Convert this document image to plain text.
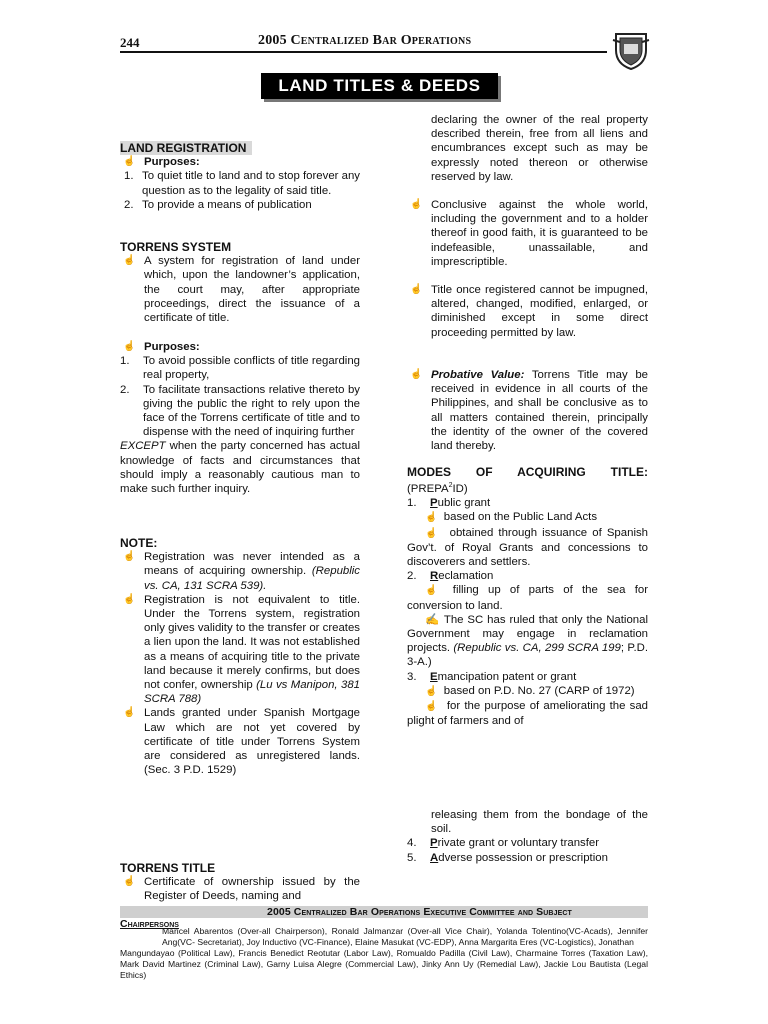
244	2005 Centralized Bar Operations
LAND TITLES & DEEDS
LAND REGISTRATION
☝ Purposes:
1. To quiet title to land and to stop forever any question as to the legality of said title.
2. To provide a means of publication
TORRENS SYSTEM
☝ A system for registration of land under which, upon the landowner’s application, the court may, after appropriate proceedings, direct the issuance of a certificate of title.
☝ Purposes:
1. To avoid possible conflicts of title regarding real property,
2. To facilitate transactions relative thereto by giving the public the right to rely upon the face of the Torrens certificate of title and to dispense with the need of inquiring further
EXCEPT when the party concerned has actual knowledge of facts and circumstances that should imply a reasonably cautious man to make such further inquiry.
NOTE:
☝ Registration was never intended as a means of acquiring ownership. (Republic vs. CA, 131 SCRA 539).
☝ Registration is not equivalent to title. Under the Torrens system, registration only gives validity to the transfer or creates a lien upon the land. It was not established as a means of acquiring title to the private land because it merely confirms, but does not confer, ownership (Lu vs Manipon, 381 SCRA 788)
☝ Lands granted under Spanish Mortgage Law which are not yet covered by certificate of title under Torrens System are considered as unregistered lands. (Sec. 3 P.D. 1529)
TORRENS TITLE
☝ Certificate of ownership issued by the Register of Deeds, naming and
declaring the owner of the real property described therein, free from all liens and encumbrances except such as may be expressly noted thereon or otherwise reserved by law.
☝ Conclusive against the whole world, including the government and to a holder thereof in good faith, it is guaranteed to be indefeasible, unassailable, and imprescriptible.
☝ Title once registered cannot be impugned, altered, changed, modified, enlarged, or diminished except in some direct proceeding permitted by law.
☝ Probative Value: Torrens Title may be received in evidence in all courts of the Philippines, and shall be conclusive as to all matters contained therein, principally the identity of the owner of the covered land thereby.
MODES OF ACQUIRING TITLE:
(PREPA$^2$ID)
1. Public grant
☝ based on the Public Land Acts
☝ obtained through issuance of Spanish Gov’t. of Royal Grants and concessions to discoverers and settlers.
2. Reclamation
☝ filling up of parts of the sea for conversion to land.
✍ The SC has ruled that only the National Government may engage in reclamation projects. (Republic vs. CA, 299 SCRA 199; P.D. 3-A.)
3. Emancipation patent or grant
☝ based on P.D. No. 27 (CARP of 1972)
☝ for the purpose of ameliorating the sad plight of farmers and of
releasing them from the bondage of the soil.
4. Private grant or voluntary transfer
5. Adverse possession or prescription
2005 Centralized Bar Operations Executive Committee and Subject
Chairpersons
Maricel Abarentos (Over-all Chairperson), Ronald Jalmanzar (Over-all Vice Chair), Yolanda Tolentino(VC-Acads), Jennifer Ang(VC- Secretariat), Joy Inductivo (VC-Finance), Elaine Masukat (VC-EDP), Anna Margarita Eres (VC-Logistics), Jonathan
Mangundayao (Political Law), Francis Benedict Reotutar (Labor Law), Romualdo Padilla (Civil Law), Charmaine Torres (Taxation Law), Mark David Martinez (Criminal Law), Garny Luisa Alegre (Commercial Law), Jinky Ann Uy (Remedial Law), Jackie Lou Bautista (Legal Ethics)
